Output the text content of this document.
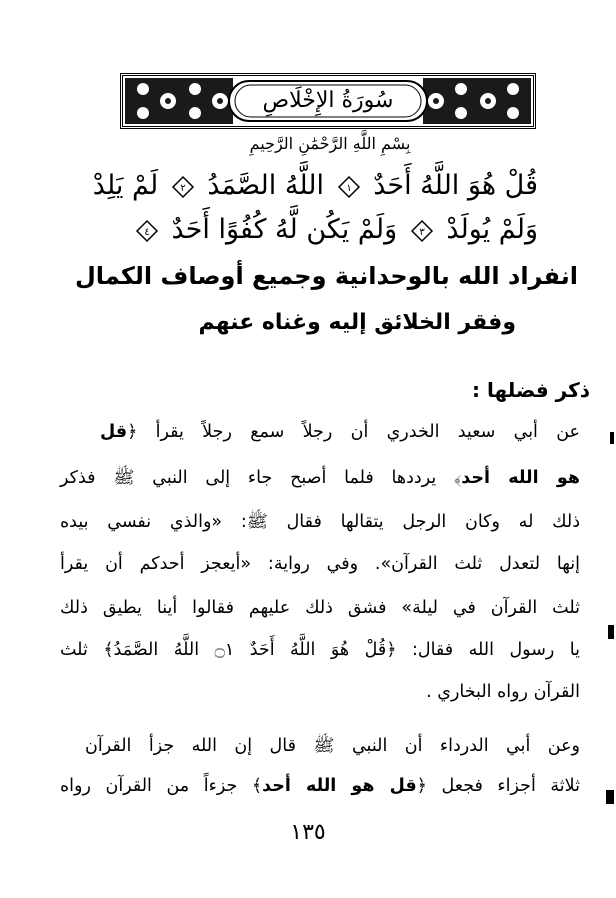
سُورَةُ الإِخْلَاصِ
بِسْمِ اللَّهِ الرَّحْمَٰنِ الرَّحِيمِ
قُلْ هُوَ اللَّهُ أَحَدٌ
١
اللَّهُ الصَّمَدُ
٢
لَمْ يَلِدْ
وَلَمْ يُولَدْ
٣
وَلَمْ يَكُن لَّهُ كُفُوًا أَحَدٌ
٤
انفراد الله بالوحدانية وجميع أوصاف الكمال
وفقر الخلائق إليه وغناه عنهم
ذكر فضلها :
عن أبي سعيد الخدري أن رجلاً سمع رجلاً يقرأ ﴿قل
هو الله أحد﴾ يرددها فلما أصبح جاء إلى النبي ﷺ فذكر
ذلك له وكان الرجل يتقالها فقال ﷺ: «والذي نفسي بيده
إنها لتعدل ثلث القرآن». وفي رواية: «أيعجز أحدكم أن يقرأ
ثلث القرآن في ليلة» فشق ذلك عليهم فقالوا أينا يطيق ذلك
يا رسول الله فقال: ﴿قُلْ هُوَ اللَّهُ أَحَدٌ ۝١ اللَّهُ الصَّمَدُ﴾ ثلث
القرآن رواه البخاري .
وعن أبي الدرداء أن النبي ﷺ قال إن الله جزأ القرآن
ثلاثة أجزاء فجعل ﴿قل هو الله أحد﴾ جزءاً من القرآن رواه
١٣٥
